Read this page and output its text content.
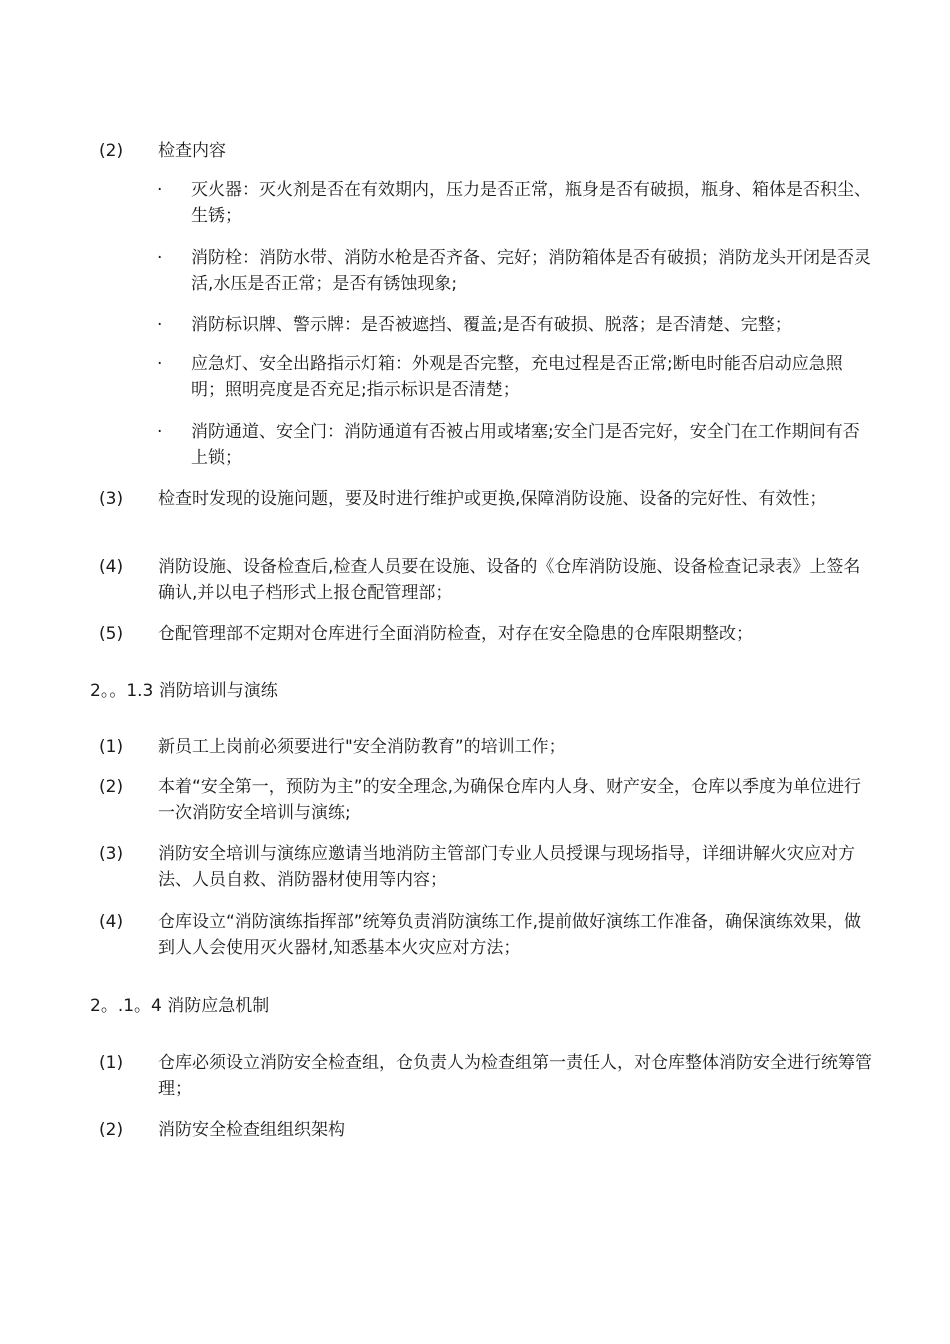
(2) 检查内容
· 灭火器：灭火剂是否在有效期内，压力是否正常，瓶身是否有破损，瓶身、箱体是否积尘、生锈；
· 消防栓：消防水带、消防水枪是否齐备、完好；消防箱体是否有破损；消防龙头开闭是否灵活,水压是否正常；是否有锈蚀现象;
· 消防标识牌、警示牌：是否被遮挡、覆盖;是否有破损、脱落；是否清楚、完整；
· 应急灯、安全出路指示灯箱：外观是否完整，充电过程是否正常;断电时能否启动应急照明；照明亮度是否充足;指示标识是否清楚；
· 消防通道、安全门：消防通道有否被占用或堵塞;安全门是否完好，安全门在工作期间有否上锁；
(3) 检查时发现的设施问题，要及时进行维护或更换,保障消防设施、设备的完好性、有效性；
(4) 消防设施、设备检查后,检查人员要在设施、设备的《仓库消防设施、设备检查记录表》上签名确认,并以电子档形式上报仓配管理部；
(5) 仓配管理部不定期对仓库进行全面消防检查，对存在安全隐患的仓库限期整改；
2。。1.3 消防培训与演练
(1) 新员工上岗前必须要进行"安全消防教育”的培训工作；
(2) 本着“安全第一，预防为主”的安全理念,为确保仓库内人身、财产安全，仓库以季度为单位进行一次消防安全培训与演练;
(3) 消防安全培训与演练应邀请当地消防主管部门专业人员授课与现场指导，详细讲解火灾应对方法、人员自救、消防器材使用等内容；
(4) 仓库设立“消防演练指挥部”统筹负责消防演练工作,提前做好演练工作准备，确保演练效果，做到人人会使用灭火器材,知悉基本火灾应对方法；
2。.1。4 消防应急机制
(1) 仓库必须设立消防安全检查组，仓负责人为检查组第一责任人，对仓库整体消防安全进行统筹管理；
(2) 消防安全检查组组织架构
